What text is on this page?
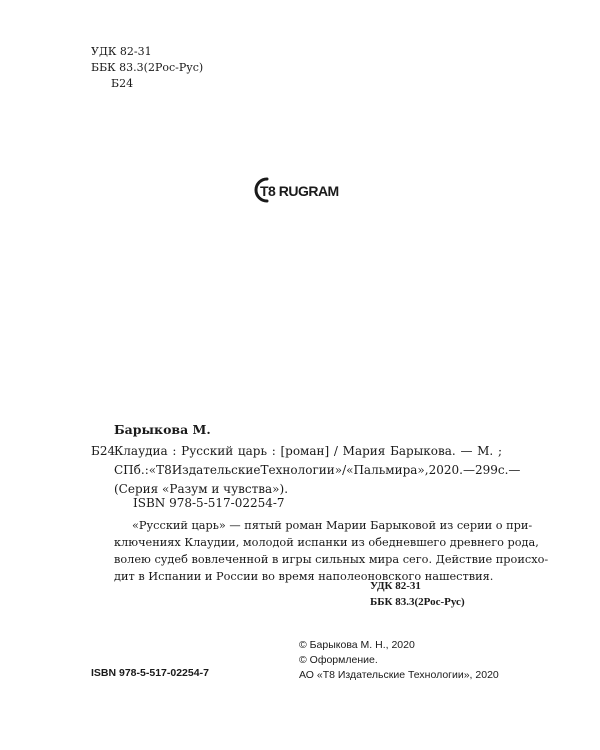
УДК 82-31
ББК 83.3(2Рос-Рус)
Б24
T8 RUGRAM
Барыкова М.
Б24
Клаудиа : Русский царь : [роман] / Мария Барыкова. — М. ;
СПб. : «Т8 Издательские Технологии» / «Пальмира», 2020. — 299 с. —
(Серия «Разум и чувства»).
ISBN 978-5-517-02254-7
«Русский царь» — пятый роман Марии Барыковой из серии о при-
ключениях Клаудии, молодой испанки из обедневшего древнего рода,
волею судеб вовлеченной в игры сильных мира сего. Действие происхо-
дит в Испании и России во время наполеоновского нашествия.
УДК 82-31
ББК 83.3(2Рос-Рус)
© Барыкова М. Н., 2020
© Оформление.
АО «Т8 Издательские Технологии», 2020
ISBN 978-5-517-02254-7
